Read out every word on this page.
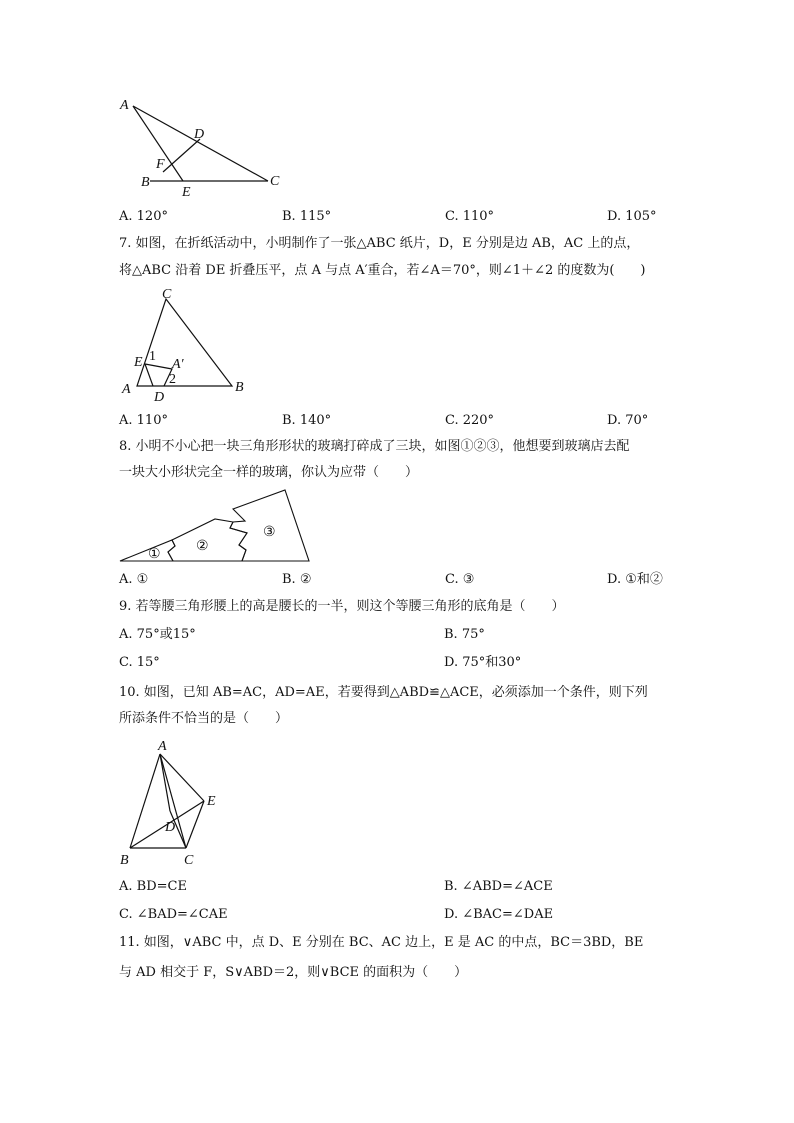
A
D
F
B
E
C
A. 120°	B. 115°	C. 110°	D. 105°
7. 如图，在折纸活动中，小明制作了一张△ABC 纸片，D，E 分别是边 AB，AC 上的点，
将△ABC 沿着 DE 折叠压平，点 A 与点 A′重合，若∠A＝70°，则∠1＋∠2 的度数为(　　)
C
E 1
A′
2
A
D
B
A. 110°	B. 140°	C. 220°	D. 70°
8. 小明不小心把一块三角形形状的玻璃打碎成了三块，如图①②③，他想要到玻璃店去配
一块大小形状完全一样的玻璃，你认为应带（　　）
①
②
③
A. ①	B. ②	C. ③	D. ①和②
9. 若等腰三角形腰上的高是腰长的一半，则这个等腰三角形的底角是（　　）
A. 75°或15°	B. 75°
C. 15°	D. 75°和30°
10. 如图，已知 AB=AC，AD=AE，若要得到△ABD≌△ACE，必须添加一个条件，则下列
所添条件不恰当的是（　　）
A
E
D
B	C
A. BD=CE	B. ∠ABD=∠ACE
C. ∠BAD=∠CAE	D. ∠BAC=∠DAE
11. 如图，∨ABC 中，点 D、E 分别在 BC、AC 边上，E 是 AC 的中点，BC＝3BD，BE
与 AD 相交于 F，S∨ABD＝2，则∨BCE 的面积为（　　）
